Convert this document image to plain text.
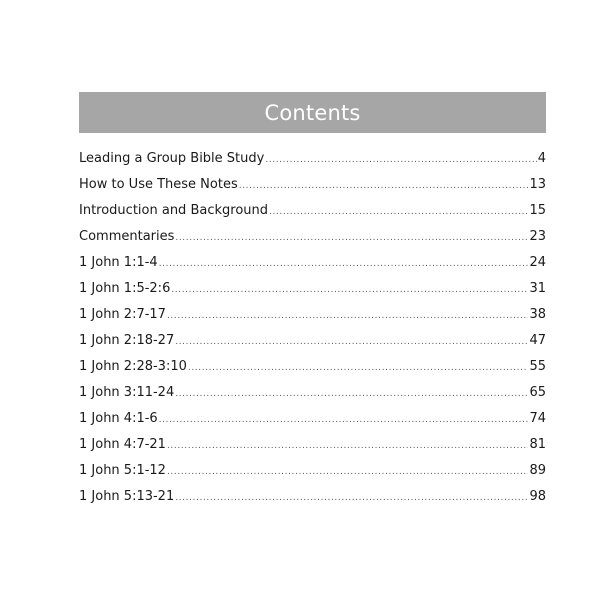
Contents
Leading a Group Bible Study .....	4
How to Use These Notes .....	13
Introduction and Background .....	15
Commentaries .....	23
1 John 1:1-4 .....	24
1 John 1:5-2:6 .....	31
1 John 2:7-17 .....	38
1 John 2:18-27 .....	47
1 John 2:28-3:10 .....	55
1 John 3:11-24 .....	65
1 John 4:1-6 .....	74
1 John 4:7-21 .....	81
1 John 5:1-12 .....	89
1 John 5:13-21 .....	98
